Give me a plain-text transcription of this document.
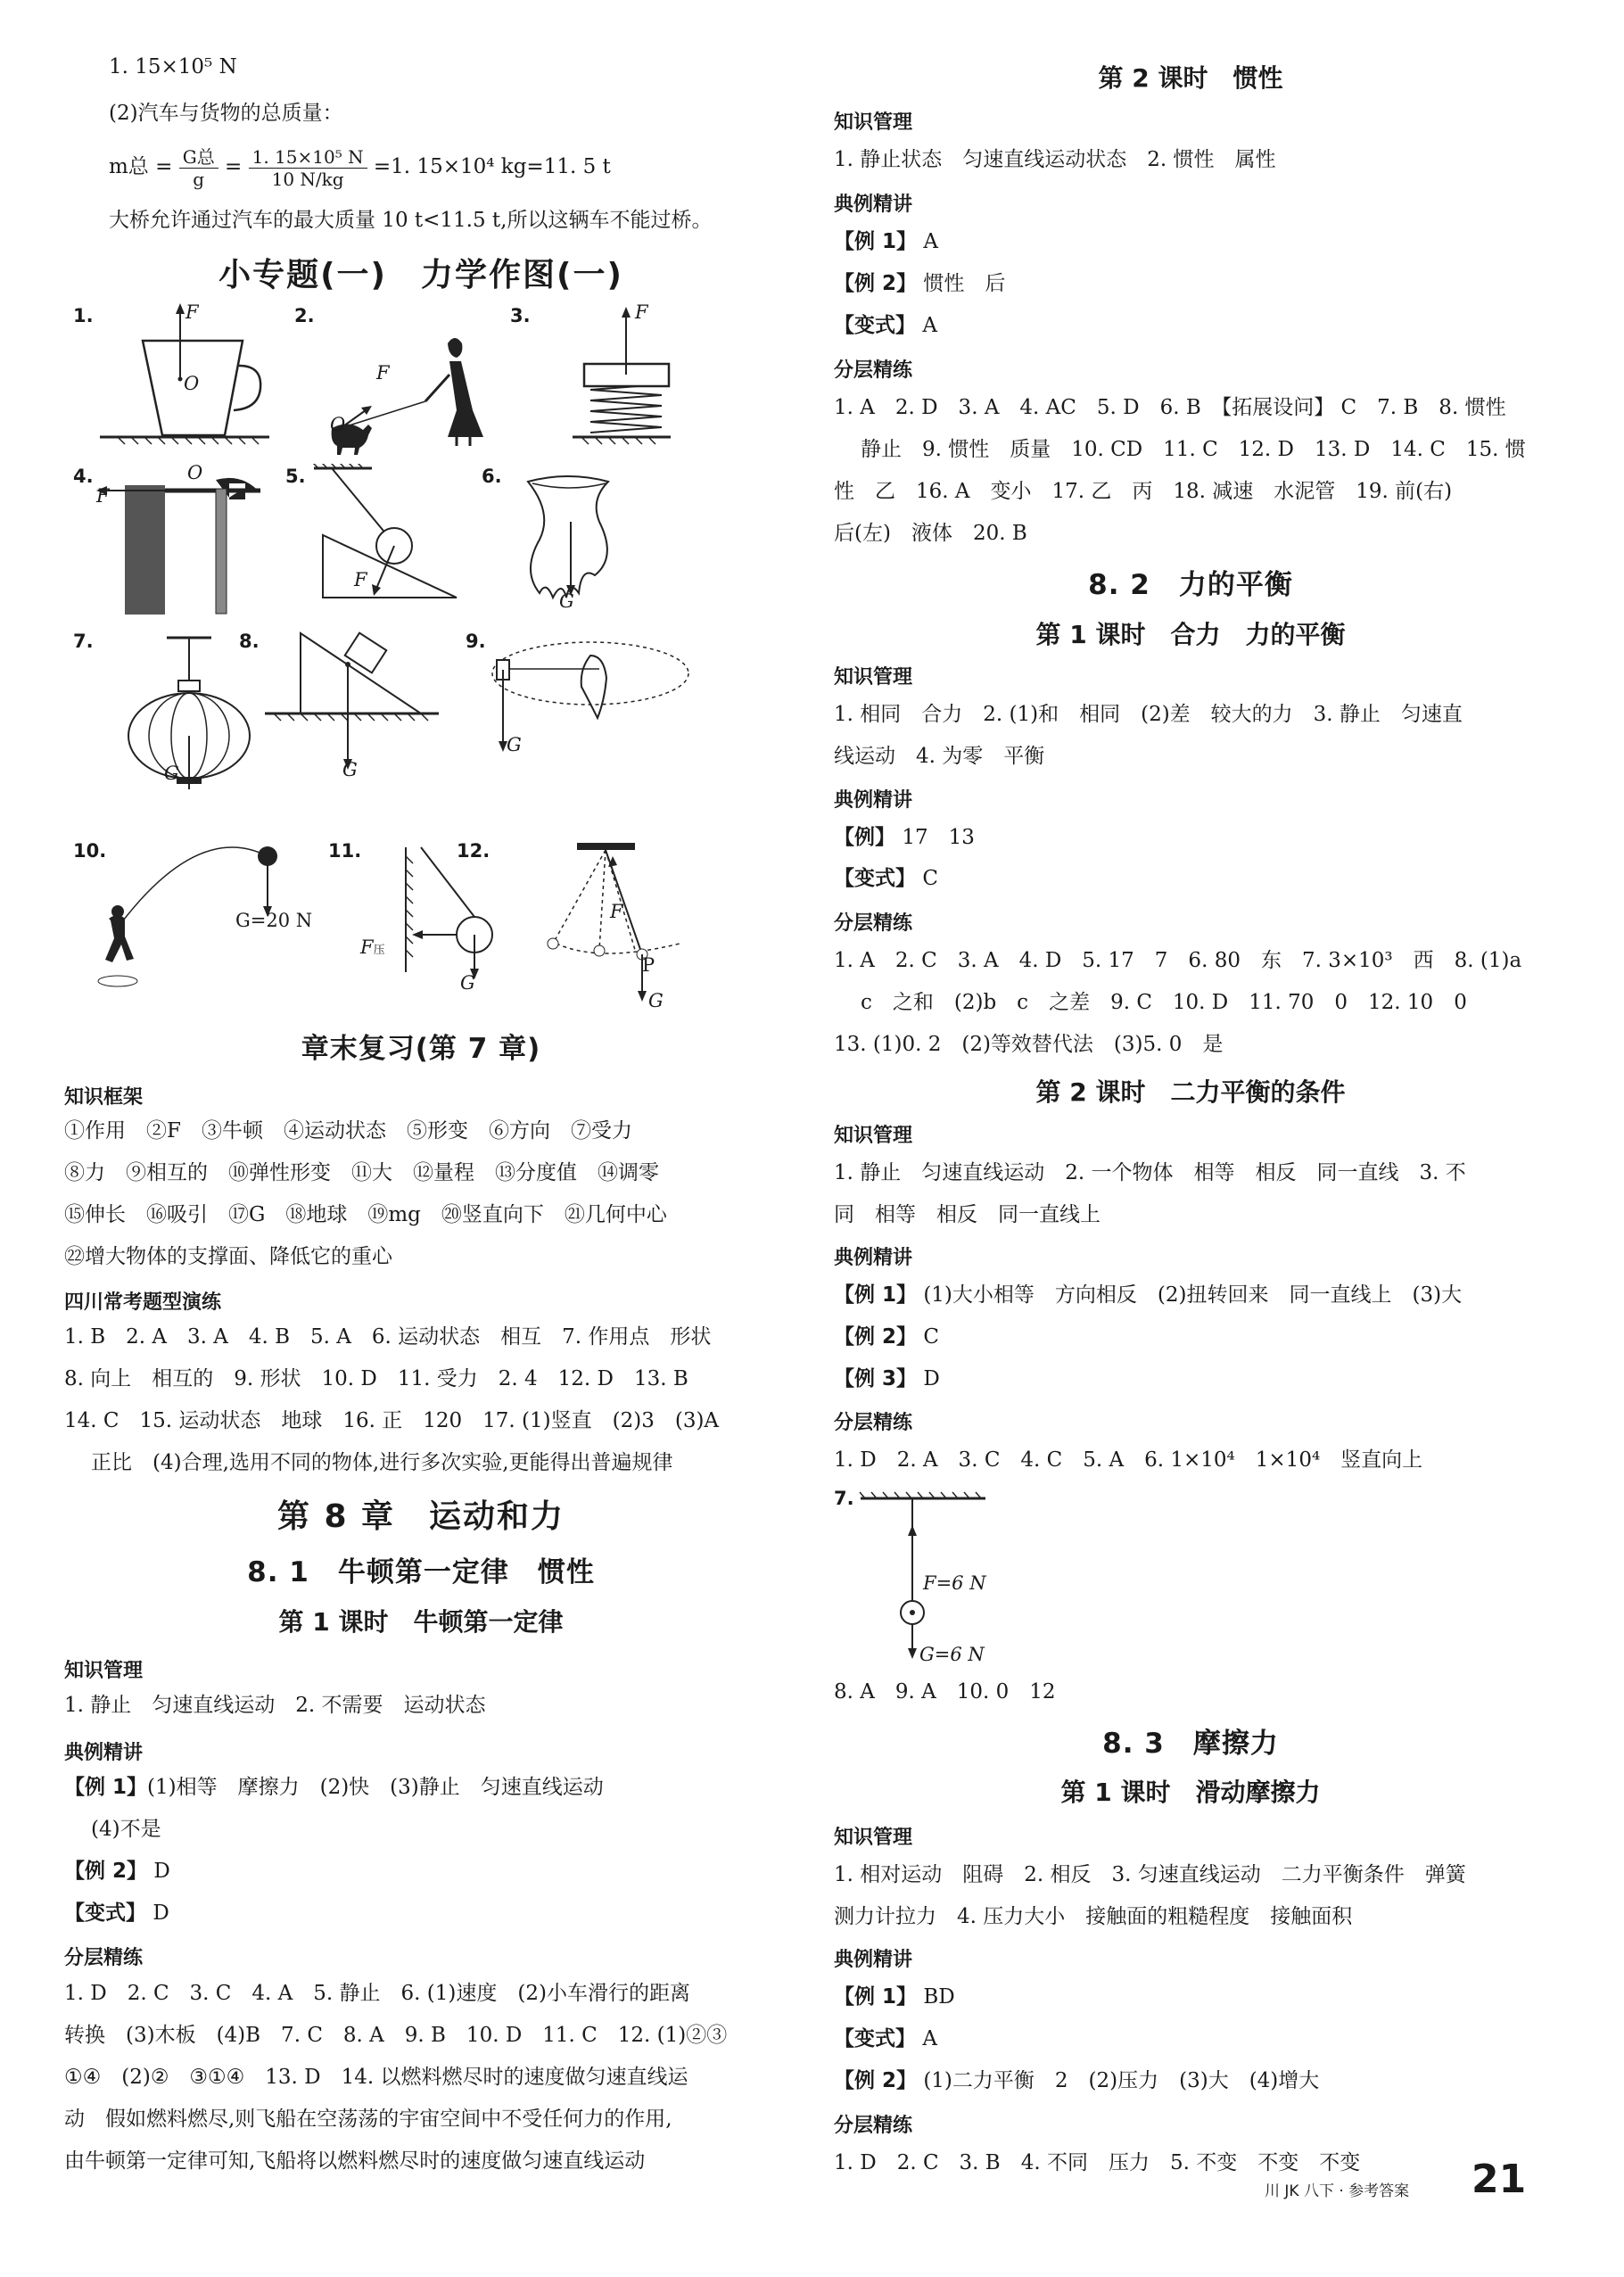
1. 15×10⁵ N
(2)汽车与货物的总质量：
m总 = $\frac{\text{G总}}{g} = \frac{\text{1. 15×10⁵ N}}{10 N/kg} =1$. 15×10⁴ kg=11. 5 t
大桥允许通过汽车的最大质量 10 t<11.5 t,所以这辆车不能过桥。
小专题(一)　力学作图(一)
1.	F
O
2.
F
O
3.	F
4.
F
O	5.
F
6.
G
7.
G
8.
G
9.
G
10.
G=20 N
11.
F压
G
12.
F
P
G
章末复习(第 7 章)
知识框架
①作用　②F　③牛顿　④运动状态　⑤形变　⑥方向　⑦受力
⑧力　⑨相互的　⑩弹性形变　⑪大　⑫量程　⑬分度值　⑭调零
⑮伸长　⑯吸引　⑰G　⑱地球　⑲mg　⑳竖直向下　㉑几何中心
㉒增大物体的支撑面、降低它的重心
四川常考题型演练
1. B　2. A　3. A　4. B　5. A　6. 运动状态　相互　7. 作用点　形状
8. 向上　相互的　9. 形状　10. D　11. 受力　2. 4　12. D　13. B
14. C　15. 运动状态　地球　16. 正　120　17. (1)竖直　(2)3　(3)A
正比　(4)合理,选用不同的物体,进行多次实验,更能得出普遍规律
第 8 章　运动和力
8. 1　牛顿第一定律　惯性
第 1 课时　牛顿第一定律
知识管理
1. 静止　匀速直线运动　2. 不需要　运动状态
典例精讲
【例 1】(1)相等　摩擦力　(2)快　(3)静止　匀速直线运动
(4)不是
【例 2】 D
【变式】 D
分层精练
1. D　2. C　3. C　4. A　5. 静止　6. (1)速度　(2)小车滑行的距离
转换　(3)木板　(4)B　7. C　8. A　9. B　10. D　11. C　12. (1)②③
①④　(2)②　③①④　13. D　14. 以燃料燃尽时的速度做匀速直线运
动　假如燃料燃尽,则飞船在空荡荡的宇宙空间中不受任何力的作用,
由牛顿第一定律可知,飞船将以燃料燃尽时的速度做匀速直线运动
第 2 课时　惯性
知识管理
1. 静止状态　匀速直线运动状态　2. 惯性　属性
典例精讲
【例 1】 A
【例 2】 惯性　后
【变式】 A
分层精练
1. A　2. D　3. A　4. AC　5. D　6. B　【拓展设问】 C　7. B　8. 惯性
静止　9. 惯性　质量　10. CD　11. C　12. D　13. D　14. C　15. 惯
性　乙　16. A　变小　17. 乙　丙　18. 减速　水泥管　19. 前(右)
后(左)　液体　20. B
8. 2　力的平衡
第 1 课时　合力　力的平衡
知识管理
1. 相同　合力　2. (1)和　相同　(2)差　较大的力　3. 静止　匀速直
线运动　4. 为零　平衡
典例精讲
【例】 17　13
【变式】 C
分层精练
1. A　2. C　3. A　4. D　5. 17　7　6. 80　东　7. 3×10³　西　8. (1)a
c　之和　(2)b　c　之差　9. C　10. D　11. 70　0　12. 10　0
13. (1)0. 2　(2)等效替代法　(3)5. 0　是
第 2 课时　二力平衡的条件
知识管理
1. 静止　匀速直线运动　2. 一个物体　相等　相反　同一直线　3. 不
同　相等　相反　同一直线上
典例精讲
【例 1】 (1)大小相等　方向相反　(2)扭转回来　同一直线上　(3)大
【例 2】 C
【例 3】 D
分层精练
1. D　2. A　3. C　4. C　5. A　6. 1×10⁴　1×10⁴　竖直向上
7.
F=6 N
G=6 N
8. A　9. A　10. 0　12
8. 3　摩擦力
第 1 课时　滑动摩擦力
知识管理
1. 相对运动　阻碍　2. 相反　3. 匀速直线运动　二力平衡条件　弹簧
测力计拉力　4. 压力大小　接触面的粗糙程度　接触面积
典例精讲
【例 1】 BD
【变式】 A
【例 2】 (1)二力平衡　2　(2)压力　(3)大　(4)增大
分层精练
1. D　2. C　3. B　4. 不同　压力　5. 不变　不变　不变
川 JK 八下 · 参考答案 21
